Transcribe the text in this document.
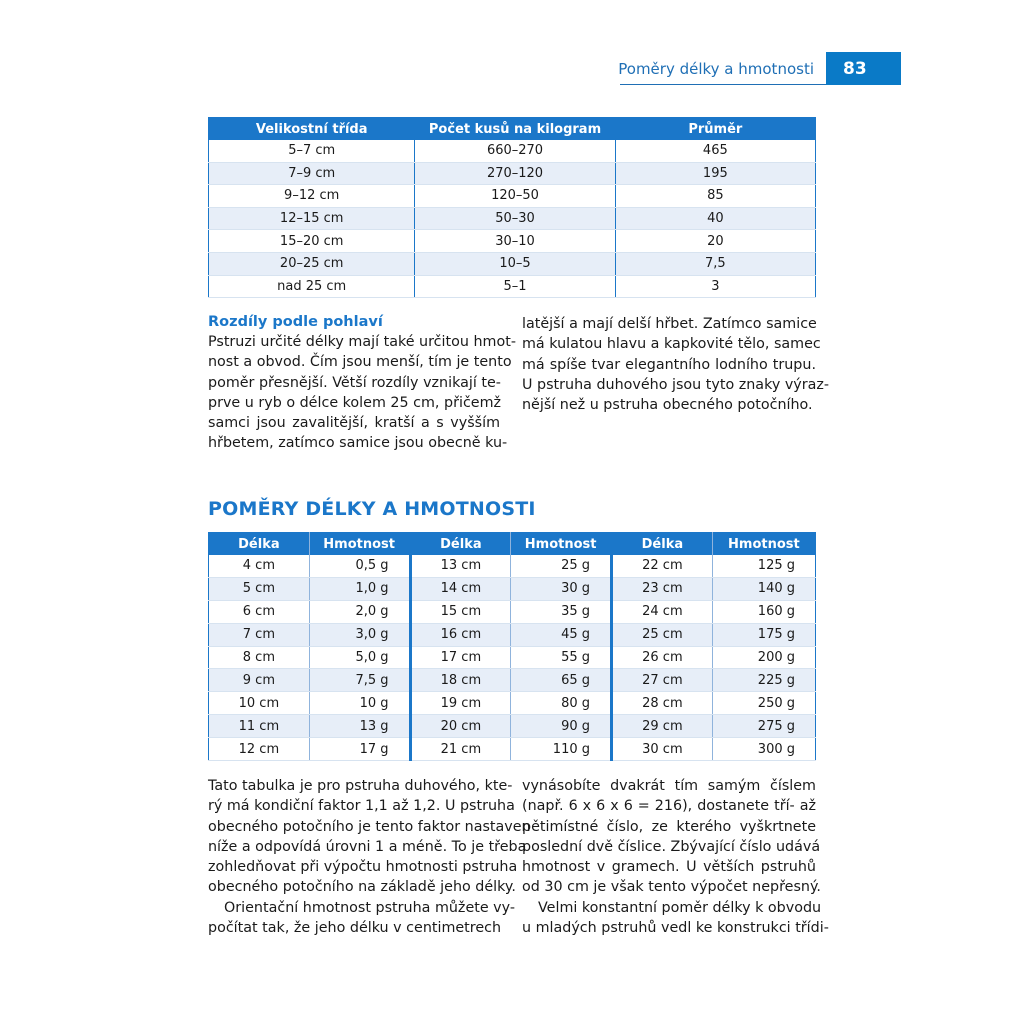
Poměry délky a hmotnosti	83
Velikostní třída	Počet kusů na kilogram	Průměr
5–7 cm	660–270	465
7–9 cm	270–120	195
9–12 cm	120–50	85
12–15 cm	50–30	40
15–20 cm	30–10	20
20–25 cm	10–5	7,5
nad 25 cm	5–1	3
Rozdíly podle pohlaví
Pstruzi určité délky mají také určitou hmot-
nost a obvod. Čím jsou menší, tím je tento
poměr přesnější. Větší rozdíly vznikají te-
prve u ryb o délce kolem 25 cm, přičemž
samci jsou zavalitější, kratší a s vyšším
hřbetem, zatímco samice jsou obecně ku-
latější a mají delší hřbet. Zatímco samice
má kulatou hlavu a kapkovité tělo, samec
má spíše tvar elegantního lodního trupu.
U pstruha duhového jsou tyto znaky výraz-
nější než u pstruha obecného potočního.
POMĚRY DÉLKY A HMOTNOSTI
Délka	Hmotnost	Délka	Hmotnost	Délka	Hmotnost
4 cm	0,5 g	13 cm	25 g	22 cm	125 g
5 cm	1,0 g	14 cm	30 g	23 cm	140 g
6 cm	2,0 g	15 cm	35 g	24 cm	160 g
7 cm	3,0 g	16 cm	45 g	25 cm	175 g
8 cm	5,0 g	17 cm	55 g	26 cm	200 g
9 cm	7,5 g	18 cm	65 g	27 cm	225 g
10 cm	10 g	19 cm	80 g	28 cm	250 g
11 cm	13 g	20 cm	90 g	29 cm	275 g
12 cm	17 g	21 cm	110 g	30 cm	300 g
Tato tabulka je pro pstruha duhového, kte-
rý má kondiční faktor 1,1 až 1,2. U pstruha
obecného potočního je tento faktor nastaven
níže a odpovídá úrovni 1 a méně. To je třeba
zohledňovat při výpočtu hmotnosti pstruha
obecného potočního na základě jeho délky.
Orientační hmotnost pstruha můžete vy-
počítat tak, že jeho délku v centimetrech
vynásobíte dvakrát tím samým číslem
(např. 6 x 6 x 6 = 216), dostanete tří- až
pětimístné číslo, ze kterého vyškrtnete
poslední dvě číslice. Zbývající číslo udává
hmotnost v gramech. U větších pstruhů
od 30 cm je však tento výpočet nepřesný.
Velmi konstantní poměr délky k obvodu
u mladých pstruhů vedl ke konstrukci třídi-
